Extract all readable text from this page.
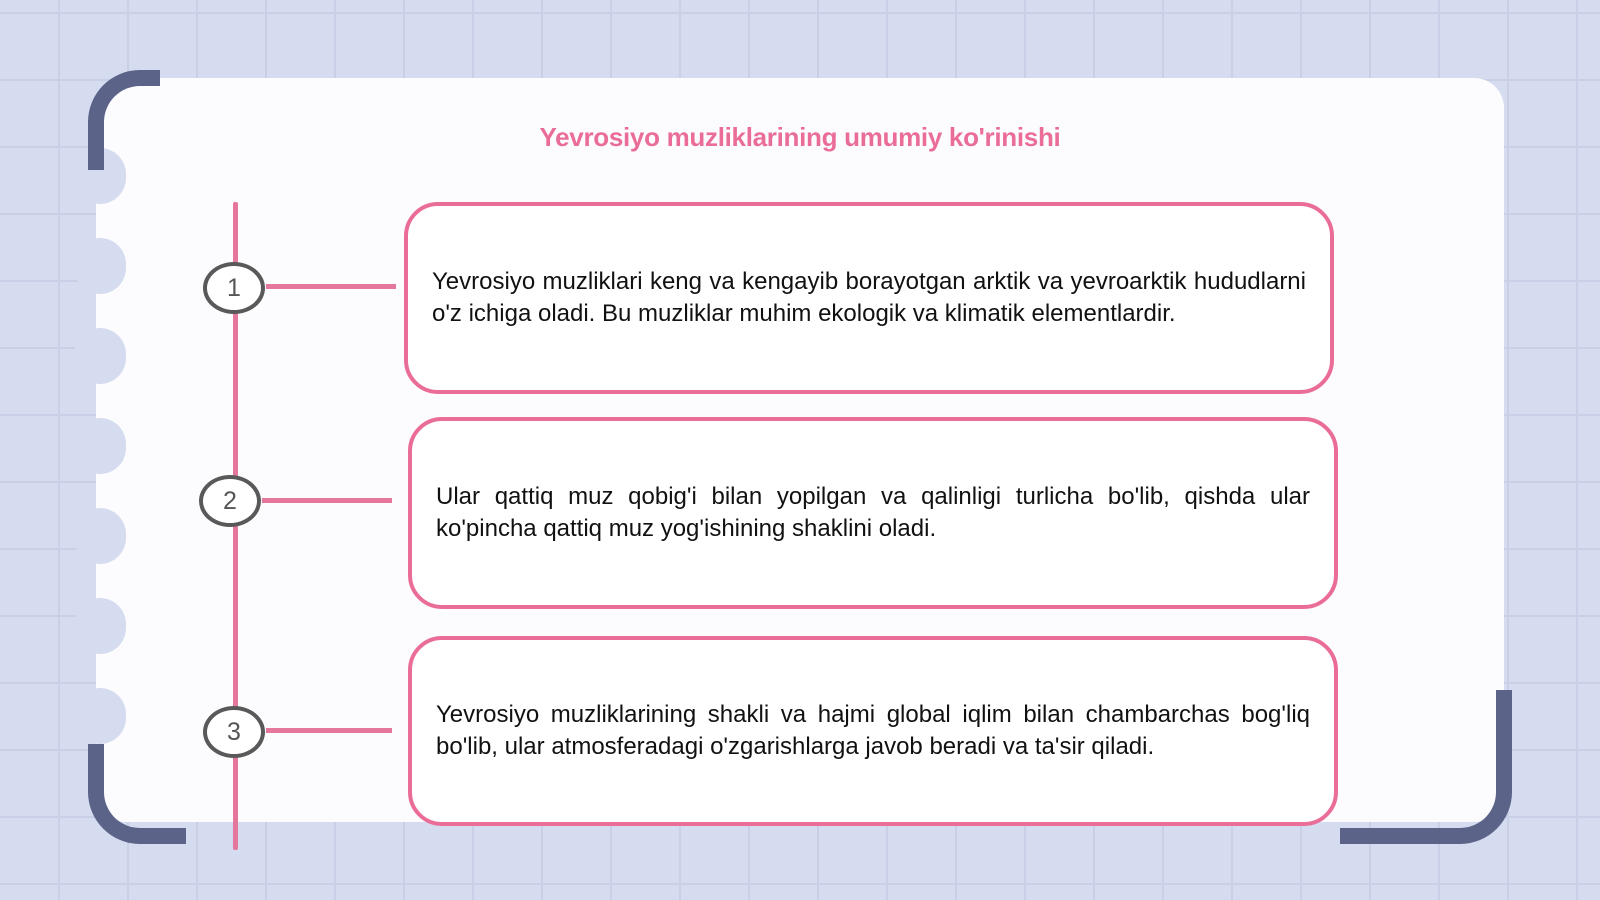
Yevrosiyo muzliklarining umumiy ko'rinishi
1	Yevrosiyo muzliklari keng va kengayib borayotgan arktik va yevroarktik hududlarni o'z ichiga oladi. Bu muzliklar muhim ekologik va klimatik elementlardir.
2	Ular qattiq muz qobig'i bilan yopilgan va qalinligi turlicha bo'lib, qishda ular ko'pincha qattiq muz yog'ishining shaklini oladi.
3
Yevrosiyo muzliklarining shakli va hajmi global iqlim bilan chambarchas bog'liq bo'lib, ular atmosferadagi o'zgarishlarga javob beradi va ta'sir qiladi.
